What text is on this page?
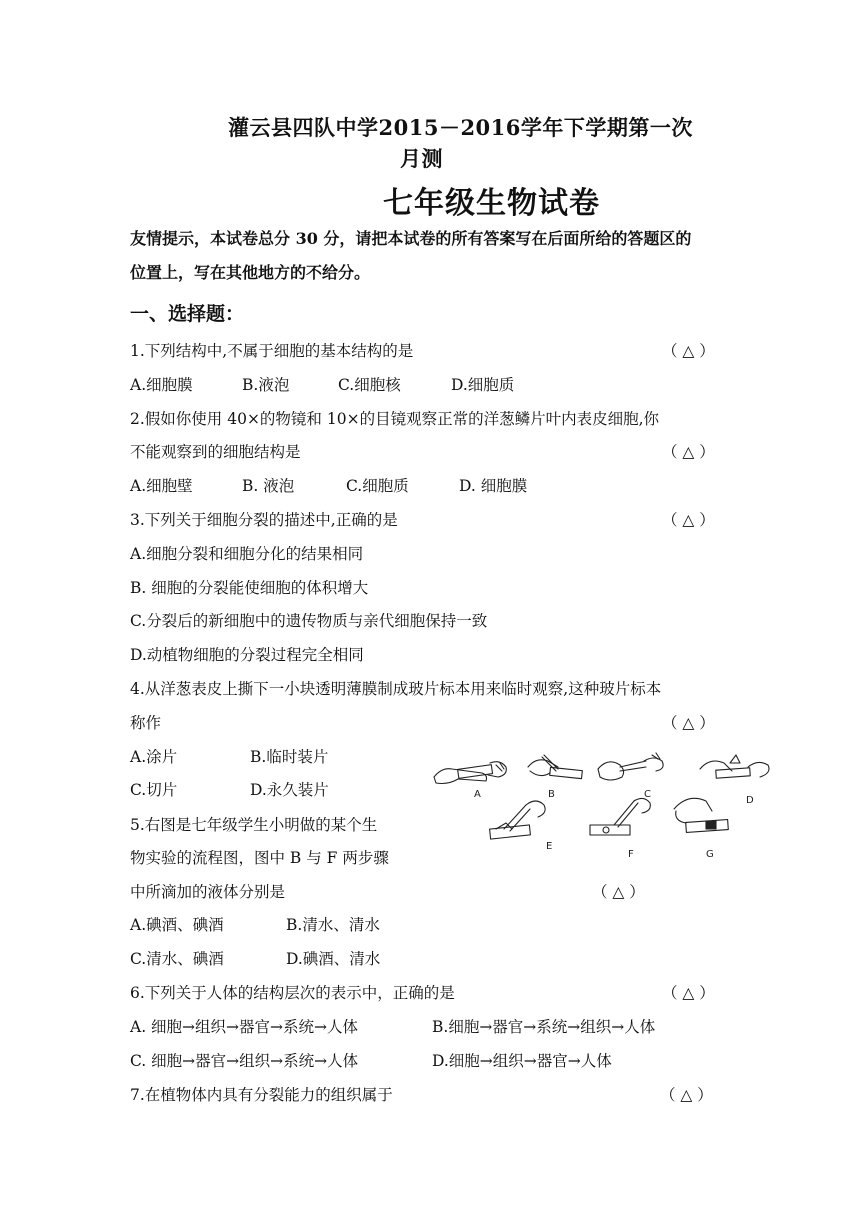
灌云县四队中学2015－2016学年下学期第一次
月测
七年级生物试卷
友情提示，本试卷总分 30 分，请把本试卷的所有答案写在后面所给的答题区的
位置上，写在其他地方的不给分。
一、选择题：
1.下列结构中,不属于细胞的基本结构的是	（ △ ）
A.细胞膜	B.液泡	C.细胞核	D.细胞质
2.假如你使用 40×的物镜和 10×的目镜观察正常的洋葱鳞片叶内表皮细胞,你
不能观察到的细胞结构是	（ △ ）
A.细胞壁	B. 液泡	C.细胞质	D. 细胞膜
3.下列关于细胞分裂的描述中,正确的是	（ △ ）
A.细胞分裂和细胞分化的结果相同
B. 细胞的分裂能使细胞的体积增大
C.分裂后的新细胞中的遗传物质与亲代细胞保持一致
D.动植物细胞的分裂过程完全相同
4.从洋葱表皮上撕下一小块透明薄膜制成玻片标本用来临时观察,这种玻片标本
称作	（ △ ）
A.涂片	B.临时装片
C.切片	D.永久装片
5.右图是七年级学生小明做的某个生
物实验的流程图，图中 B 与 F 两步骤
中所滴加的液体分别是	（ △ ）
A.碘酒、碘酒	B.清水、清水
C.清水、碘酒	D.碘酒、清水
6.下列关于人体的结构层次的表示中，正确的是	（ △ ）
A. 细胞→组织→器官→系统→人体	B.细胞→器官→系统→组织→人体
C. 细胞→器官→组织→系统→人体	D.细胞→组织→器官→人体
7.在植物体内具有分裂能力的组织属于	（ △ ）
A	B	C
D
E
F	G
